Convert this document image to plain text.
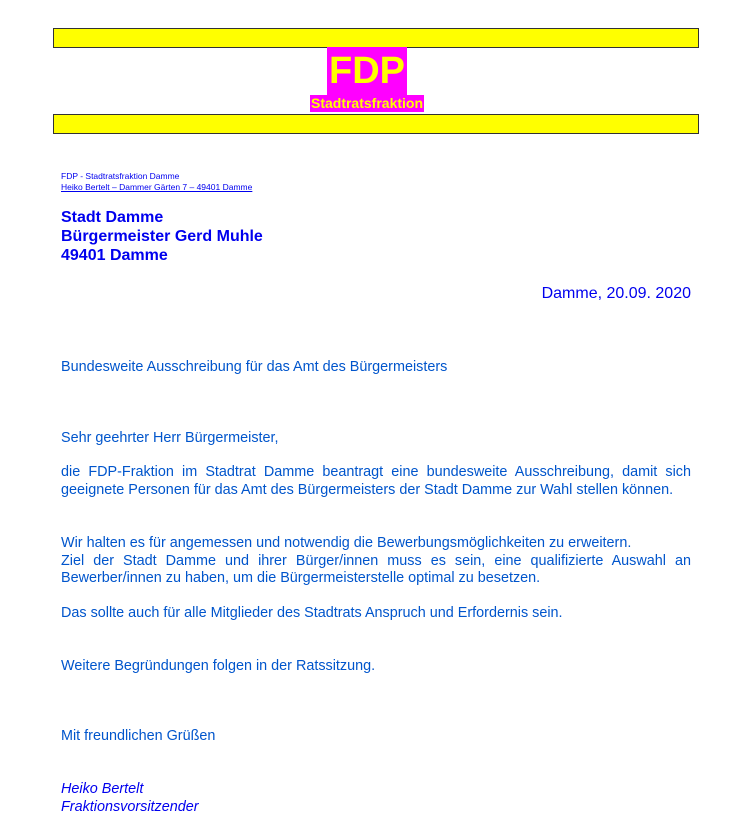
FDP
Stadtratsfraktion
FDP - Stadtratsfraktion Damme
Heiko Bertelt – Dammer Gärten 7 – 49401 Damme
Stadt Damme
Bürgermeister Gerd Muhle
49401 Damme
Damme, 20.09. 2020
Bundesweite Ausschreibung für das Amt des Bürgermeisters
Sehr geehrter Herr Bürgermeister,
die FDP-Fraktion im Stadtrat Damme beantragt eine bundesweite Ausschreibung, damit sich geeignete Personen für das Amt des Bürgermeisters der Stadt Damme zur Wahl stellen können.
Wir halten es für angemessen und notwendig die Bewerbungsmöglichkeiten zu erweitern.
Ziel der Stadt Damme und ihrer Bürger/innen muss es sein, eine qualifizierte Auswahl an Bewerber/innen zu haben, um die Bürgermeisterstelle optimal zu besetzen.
Das sollte auch für alle Mitglieder des Stadtrats Anspruch und Erfordernis sein.
Weitere Begründungen folgen in der Ratssitzung.
Mit freundlichen Grüßen
Heiko Bertelt
Fraktionsvorsitzender
